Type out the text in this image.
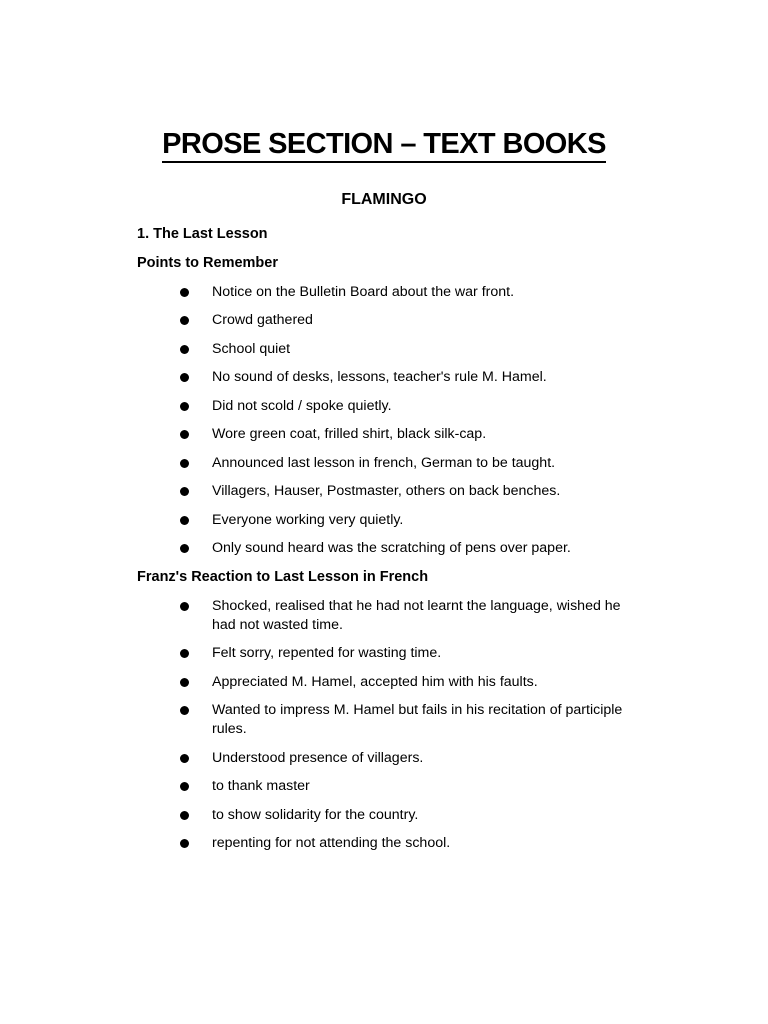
PROSE SECTION – TEXT BOOKS
FLAMINGO
1. The Last Lesson
Points to Remember
Notice on the Bulletin Board about the war front.
Crowd gathered
School quiet
No sound of desks, lessons, teacher's rule M. Hamel.
Did not scold / spoke quietly.
Wore green coat, frilled shirt, black silk-cap.
Announced last lesson in french, German to be taught.
Villagers, Hauser, Postmaster, others on back benches.
Everyone working very quietly.
Only sound heard was the scratching of pens over paper.
Franz's Reaction to Last Lesson in French
Shocked, realised that he had not learnt the language, wished he had not wasted time.
Felt sorry, repented for wasting time.
Appreciated M. Hamel, accepted him with his faults.
Wanted to impress M. Hamel but fails in his recitation of participle rules.
Understood presence of villagers.
to thank master
to show solidarity for the country.
repenting for not attending the school.
